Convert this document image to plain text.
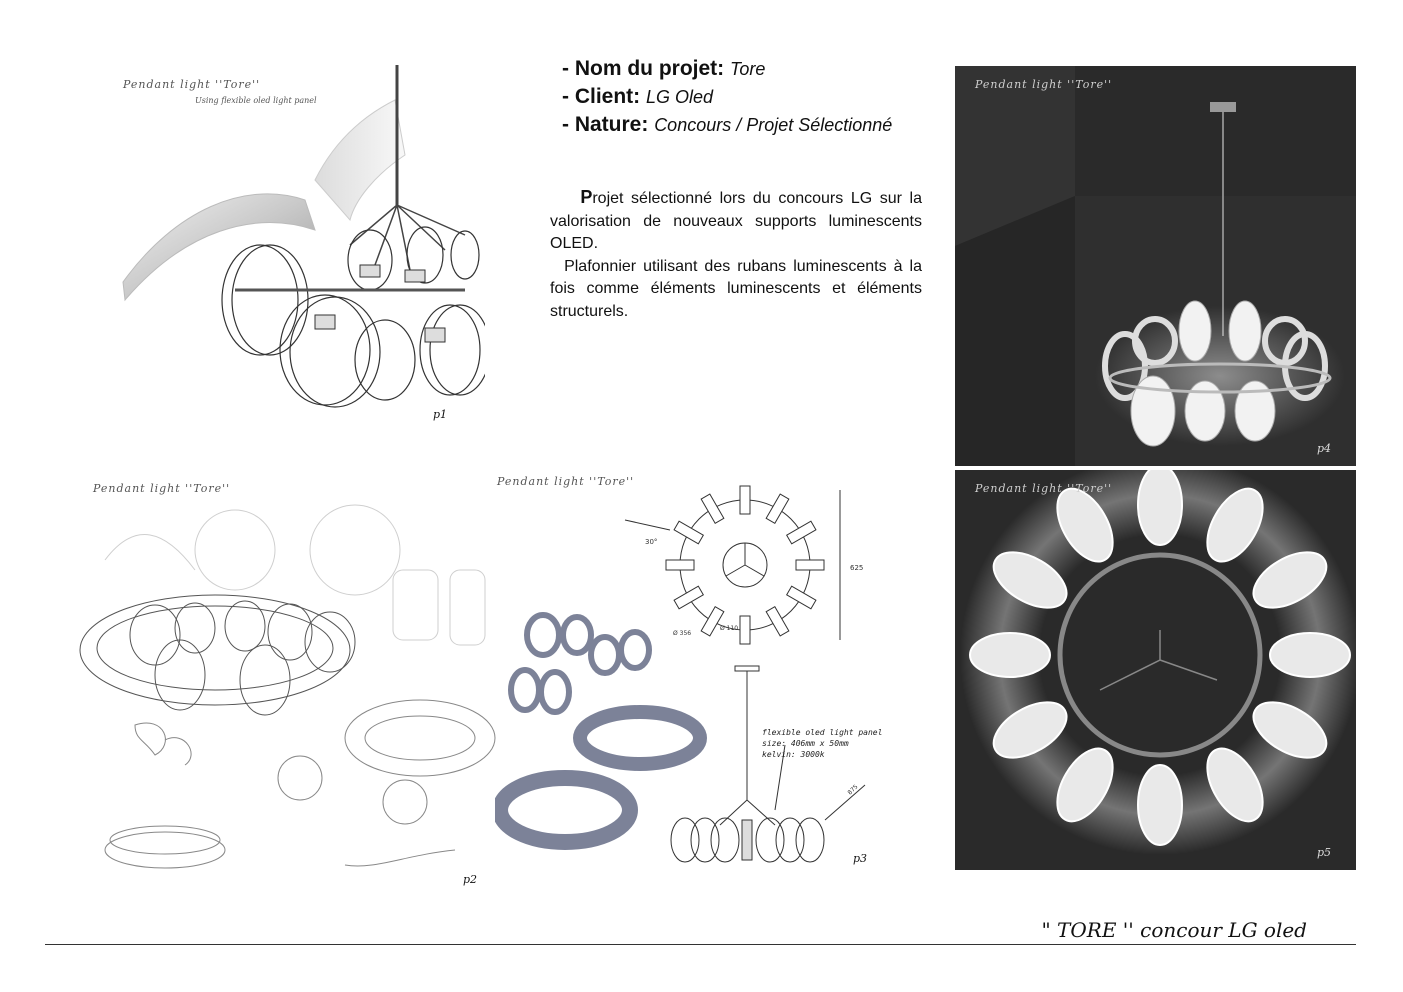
Pendant light ''Tore''
Using flexible oled light panel
p1
- Nom du projet: Tore
- Client: LG Oled
- Nature: Concours / Projet Sélectionné

Projet sélectionné lors du concours LG sur la valorisation de nouveaux supports luminescents OLED.

Plafonnier utilisant des rubans luminescents à la fois comme éléments luminescents et éléments structurels.

Pendant light ''Tore''
p4
Pendant light ''Tore''
p5
Pendant light ''Tore''
p2
Pendant light ''Tore''
30°
625
Ø 356
Ø 110
875
flexible oled light panel
size: 406mm x 50mm
kelvin: 3000k
p3
" TORE '' concour LG oled
